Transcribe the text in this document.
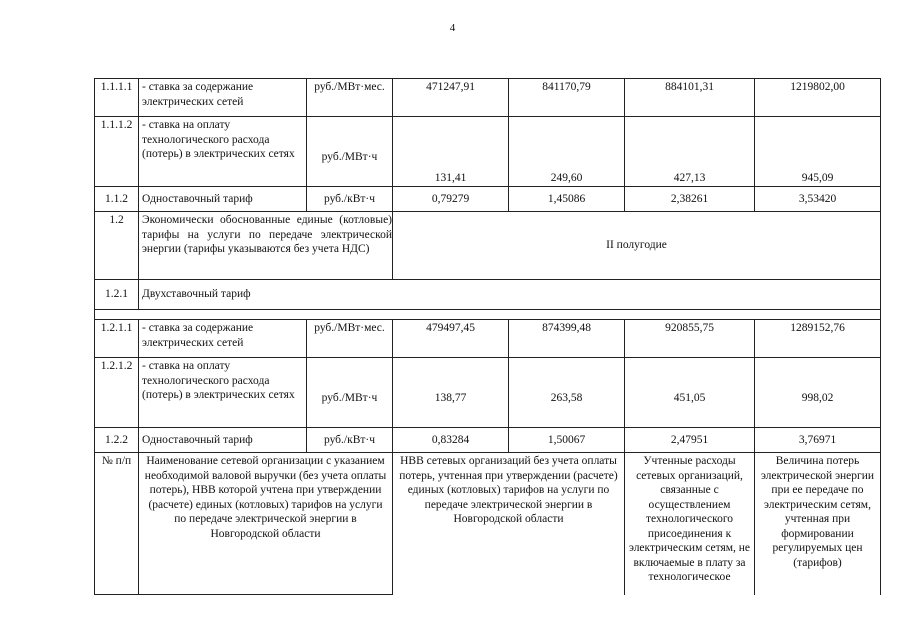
4
1.1.1.1	- ставка за содержание электрических сетей	руб./МВт·мес.	471247,91	841170,79	884101,31	1219802,00
1.1.1.2	- ставка на оплату технологического расхода (потерь) в электрических сетях	руб./МВт·ч	131,41	249,60	427,13	945,09
1.1.2	Одноставочный тариф	руб./кВт·ч	0,79279	1,45086	2,38261	3,53420
1.2	Экономически обоснованные единые (котловые) тарифы на услуги по передаче электрической энергии (тарифы указываются без учета НДС)		II полугодие			
1.2.1	Двухставочный тариф					

1.2.1.1	- ставка за содержание электрических сетей	руб./МВт·мес.	479497,45	874399,48	920855,75	1289152,76
1.2.1.2	- ставка на оплату технологического расхода (потерь) в электрических сетях	руб./МВт·ч	138,77	263,58	451,05	998,02
1.2.2	Одноставочный тариф	руб./кВт·ч	0,83284	1,50067	2,47951	3,76971
№ п/п	Наименование сетевой организации с указанием необходимой валовой выручки (без учета оплаты потерь), НВВ которой учтена при утверждении (расчете) единых (котловых) тарифов на услуги по передаче электрической энергии в Новгородской области		НВВ сетевых организаций без учета оплаты потерь, учтенная при утверждении (расчете) единых (котловых) тарифов на услуги по передаче электрической энергии в Новгородской области		Учтенные расходы сетевых организаций, связанные с осуществлением технологического присоединения к электрическим сетям, не включаемые в плату за технологическое	Величина потерь электрической энергии при ее передаче по электрическим сетям, учтенная при формировании регулируемых цен (тарифов)
